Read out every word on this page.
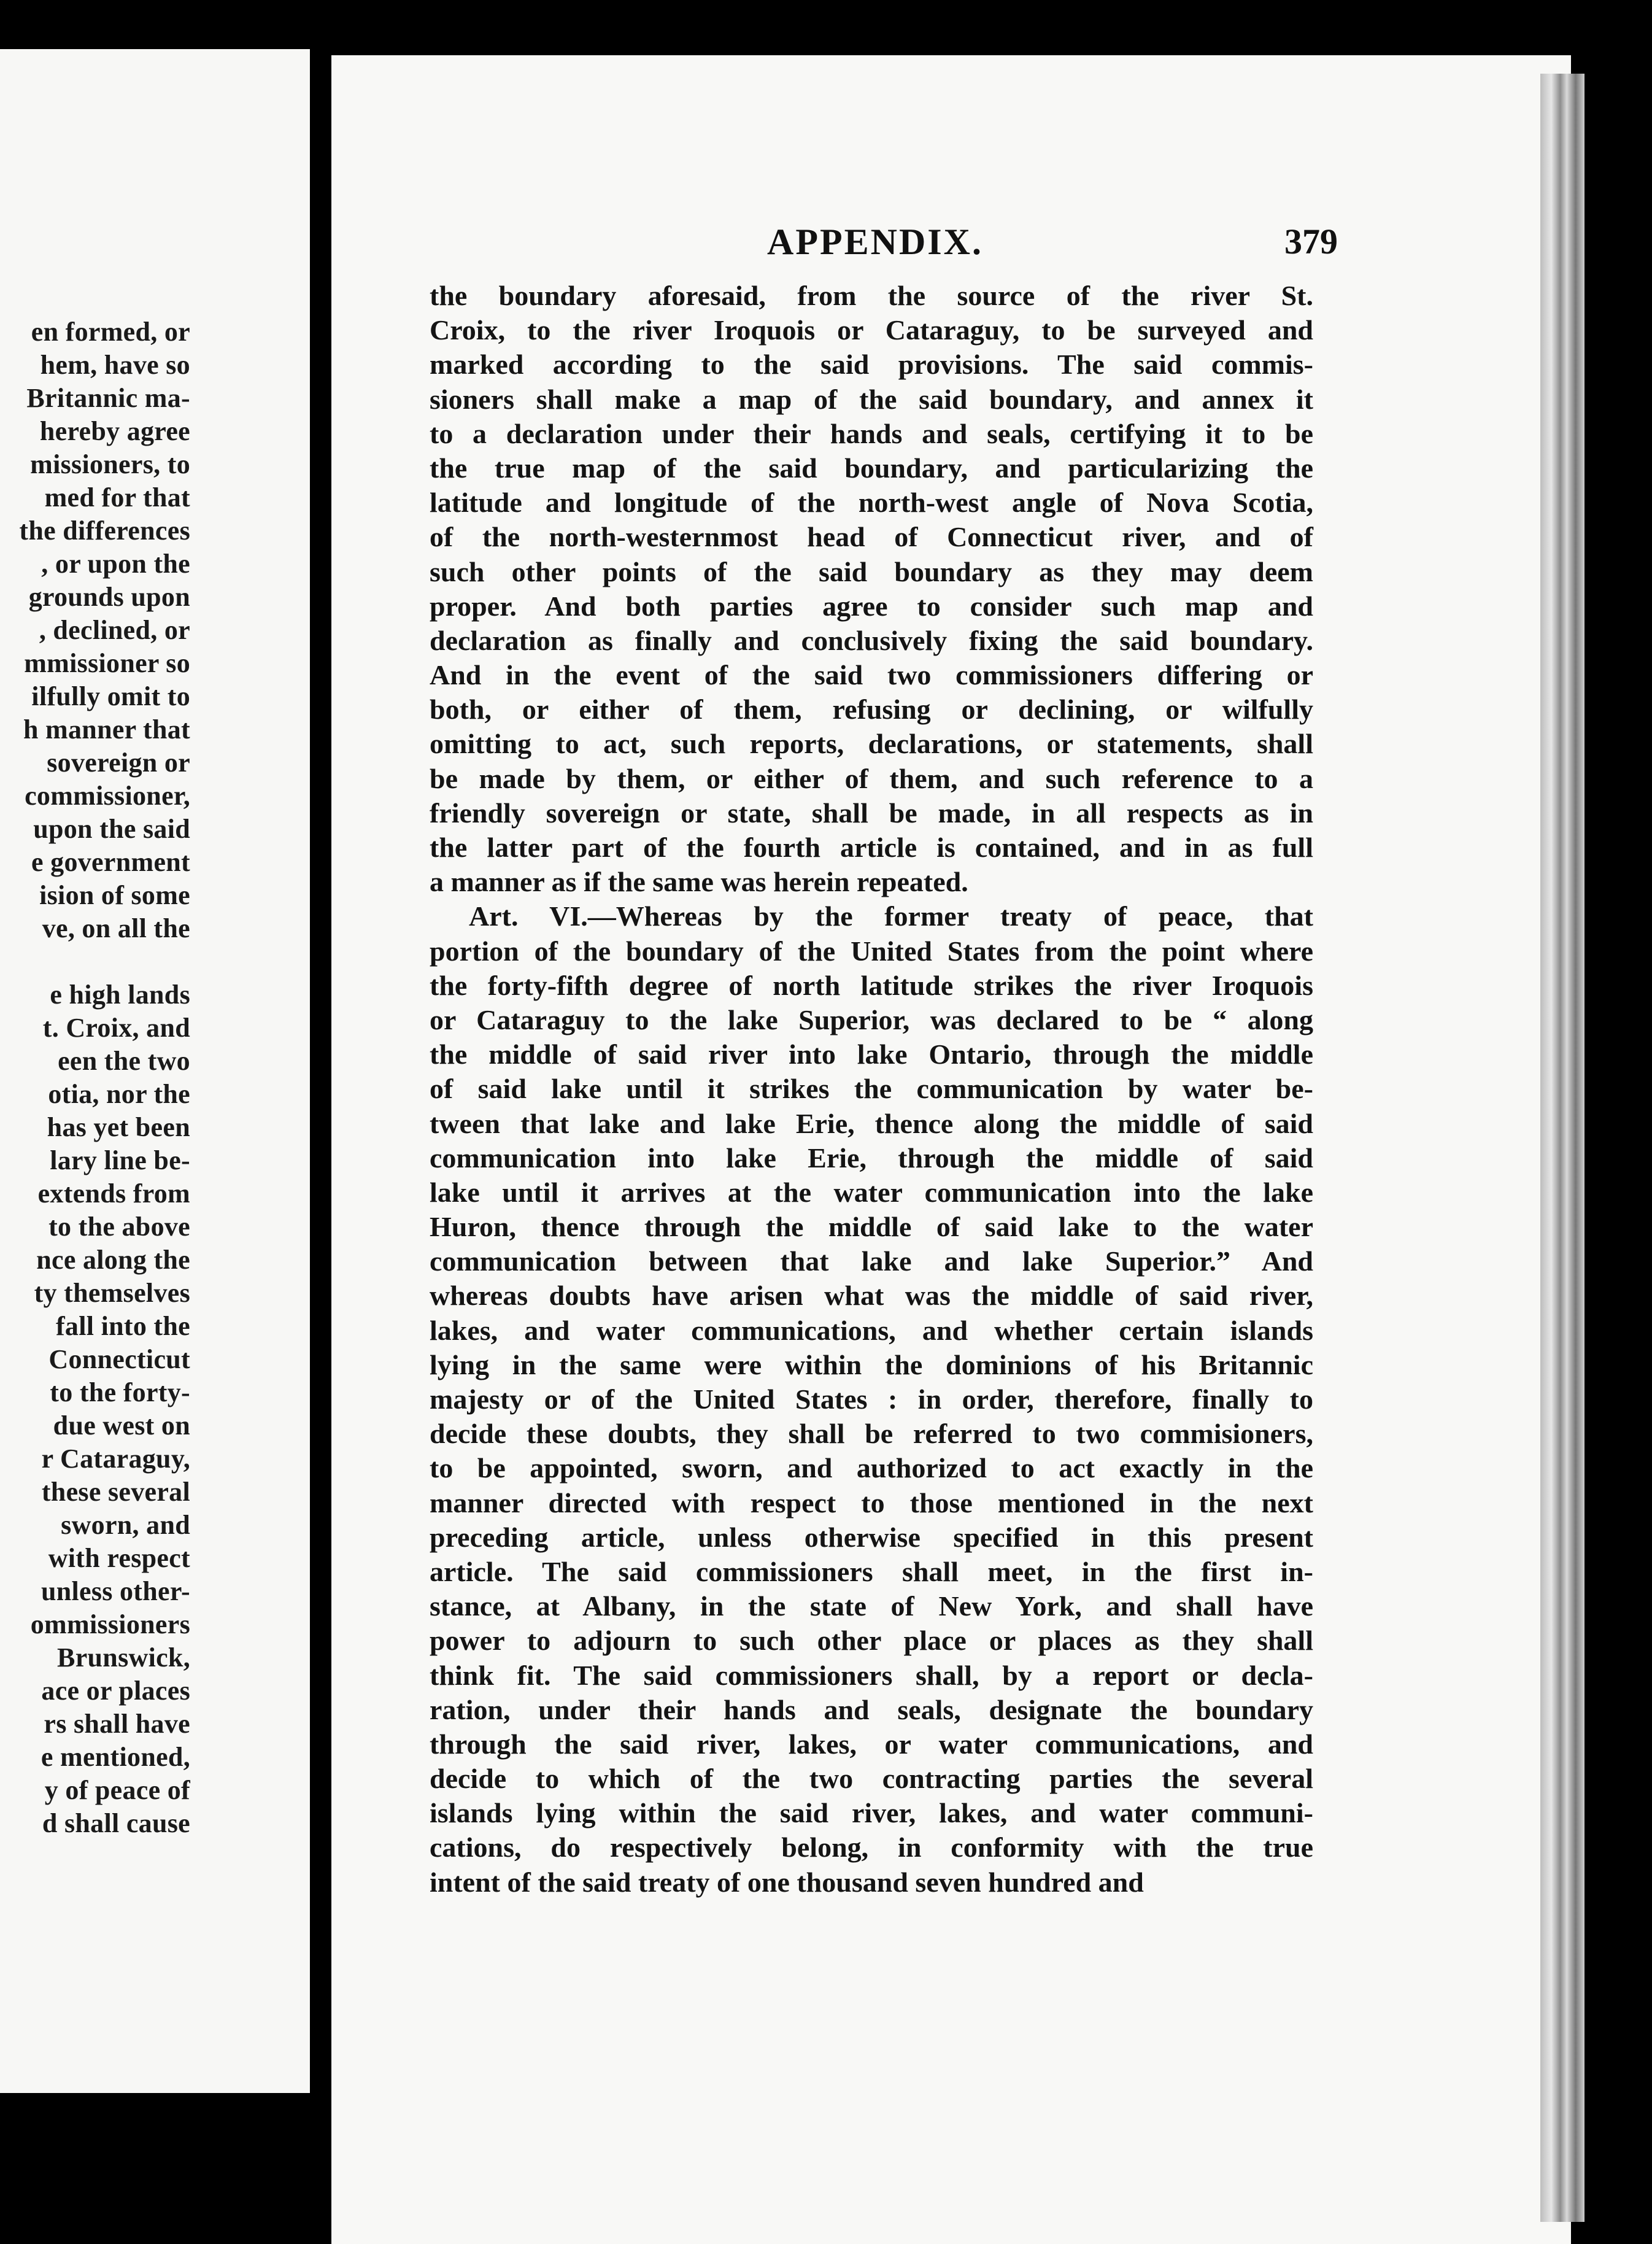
en formed, or
hem, have so
Britannic ma-
hereby agree
missioners, to
med for that
the differences
, or upon the
grounds upon
, declined, or
mmissioner so
ilfully omit to
h manner that
sovereign or
commissioner,
upon the said
e government
ision of some
ve, on all the
e high lands
t. Croix, and
een the two
otia, nor the
has yet been
lary line be-
extends from
to the above
nce along the
ty themselves
fall into the
Connecticut
to the forty-
due west on
r Cataraguy,
these several
sworn, and
with respect
unless other-
ommissioners
Brunswick,
ace or places
rs shall have
e mentioned,
y of peace of
d shall cause
APPENDIX.	379
the boundary aforesaid, from the source of the river St.
Croix, to the river Iroquois or Cataraguy, to be surveyed and
marked according to the said provisions. The said commis-
sioners shall make a map of the said boundary, and annex it
to a declaration under their hands and seals, certifying it to be
the true map of the said boundary, and particularizing the
latitude and longitude of the north-west angle of Nova Scotia,
of the north-westernmost head of Connecticut river, and of
such other points of the said boundary as they may deem
proper. And both parties agree to consider such map and
declaration as finally and conclusively fixing the said boundary.
And in the event of the said two commissioners differing or
both, or either of them, refusing or declining, or wilfully
omitting to act, such reports, declarations, or statements, shall
be made by them, or either of them, and such reference to a
friendly sovereign or state, shall be made, in all respects as in
the latter part of the fourth article is contained, and in as full
a manner as if the same was herein repeated.
Art. VI.—Whereas by the former treaty of peace, that
portion of the boundary of the United States from the point where
the forty-fifth degree of north latitude strikes the river Iroquois
or Cataraguy to the lake Superior, was declared to be “ along
the middle of said river into lake Ontario, through the middle
of said lake until it strikes the communication by water be-
tween that lake and lake Erie, thence along the middle of said
communication into lake Erie, through the middle of said
lake until it arrives at the water communication into the lake
Huron, thence through the middle of said lake to the water
communication between that lake and lake Superior.” And
whereas doubts have arisen what was the middle of said river,
lakes, and water communications, and whether certain islands
lying in the same were within the dominions of his Britannic
majesty or of the United States : in order, therefore, finally to
decide these doubts, they shall be referred to two commisioners,
to be appointed, sworn, and authorized to act exactly in the
manner directed with respect to those mentioned in the next
preceding article, unless otherwise specified in this present
article. The said commissioners shall meet, in the first in-
stance, at Albany, in the state of New York, and shall have
power to adjourn to such other place or places as they shall
think fit. The said commissioners shall, by a report or decla-
ration, under their hands and seals, designate the boundary
through the said river, lakes, or water communications, and
decide to which of the two contracting parties the several
islands lying within the said river, lakes, and water communi-
cations, do respectively belong, in conformity with the true
intent of the said treaty of one thousand seven hundred and
